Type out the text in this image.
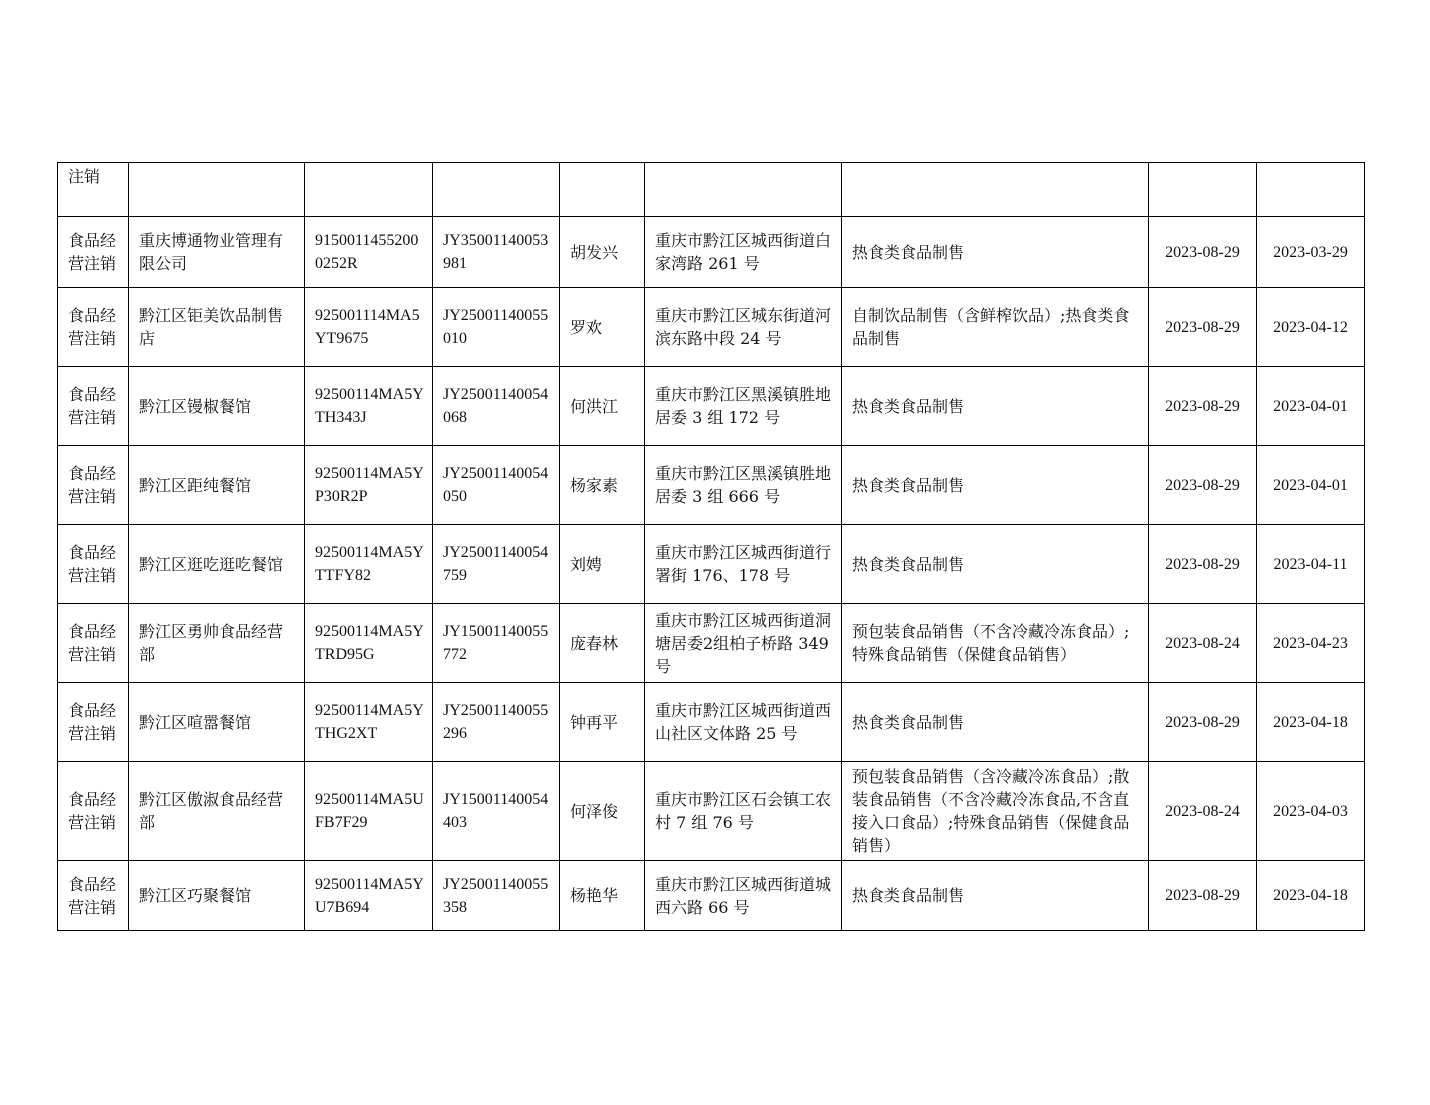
注销								
食品经营注销	重庆博通物业管理有限公司	91500114552000252R	JY35001140053981	胡发兴	重庆市黔江区城西街道白家湾路 261 号	热食类食品制售	2023-08-29	2023-03-29
食品经营注销	黔江区钜美饮品制售店	925001114MA5YT9675	JY25001140055010	罗欢	重庆市黔江区城东街道河滨东路中段 24 号	自制饮品制售（含鲜榨饮品）;热食类食品制售	2023-08-29	2023-04-12
食品经营注销	黔江区镘椒餐馆	92500114MA5YTH343J	JY25001140054068	何洪江	重庆市黔江区黑溪镇胜地居委 3 组 172 号	热食类食品制售	2023-08-29	2023-04-01
食品经营注销	黔江区距纯餐馆	92500114MA5YP30R2P	JY25001140054050	杨家素	重庆市黔江区黑溪镇胜地居委 3 组 666 号	热食类食品制售	2023-08-29	2023-04-01
食品经营注销	黔江区逛吃逛吃餐馆	92500114MA5YTTFY82	JY25001140054759	刘娉	重庆市黔江区城西街道行署街 176、178 号	热食类食品制售	2023-08-29	2023-04-11
食品经营注销	黔江区勇帅食品经营部	92500114MA5YTRD95G	JY15001140055772	庞春林	重庆市黔江区城西街道洞塘居委2组柏子桥路 349 号	预包装食品销售（不含冷藏冷冻食品）;特殊食品销售（保健食品销售）	2023-08-24	2023-04-23
食品经营注销	黔江区喧嚣餐馆	92500114MA5YTHG2XT	JY25001140055296	钟再平	重庆市黔江区城西街道西山社区文体路 25 号	热食类食品制售	2023-08-29	2023-04-18
食品经营注销	黔江区傲淑食品经营部	92500114MA5UFB7F29	JY15001140054403	何泽俊	重庆市黔江区石会镇工农村 7 组 76 号	预包装食品销售（含冷藏冷冻食品）;散装食品销售（不含冷藏冷冻食品,不含直接入口食品）;特殊食品销售（保健食品销售）	2023-08-24	2023-04-03
食品经营注销	黔江区巧聚餐馆	92500114MA5YU7B694	JY25001140055358	杨艳华	重庆市黔江区城西街道城西六路 66 号	热食类食品制售	2023-08-29	2023-04-18
